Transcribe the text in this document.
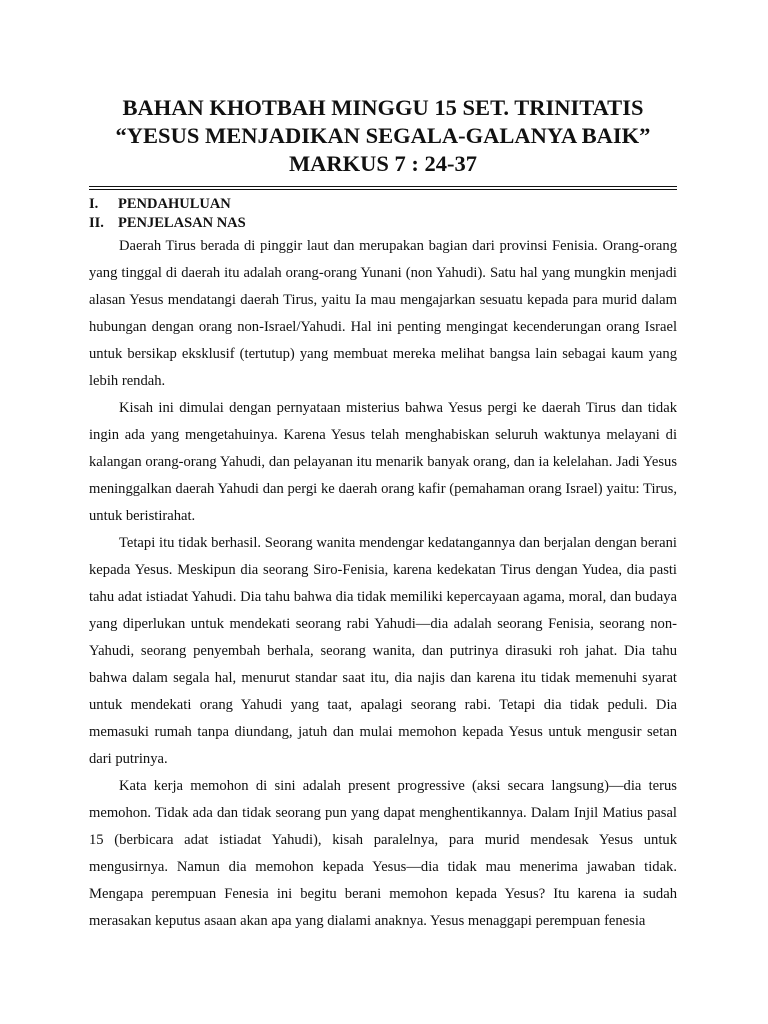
BAHAN KHOTBAH MINGGU 15 SET. TRINITATIS
“YESUS MENJADIKAN SEGALA-GALANYA BAIK”
MARKUS 7 : 24-37
I.	PENDAHULUAN
II. PENJELASAN NAS

Daerah Tirus berada di pinggir laut dan merupakan bagian dari provinsi Fenisia. Orang-orang yang tinggal di daerah itu adalah orang-orang Yunani (non Yahudi). Satu hal yang mungkin menjadi alasan Yesus mendatangi daerah Tirus, yaitu Ia mau mengajarkan sesuatu kepada para murid dalam hubungan dengan orang non-Israel/Yahudi. Hal ini penting mengingat kecenderungan orang Israel untuk bersikap eksklusif (tertutup) yang membuat mereka melihat bangsa lain sebagai kaum yang lebih rendah.

Kisah ini dimulai dengan pernyataan misterius bahwa Yesus pergi ke daerah Tirus dan tidak ingin ada yang mengetahuinya. Karena Yesus telah menghabiskan seluruh waktunya melayani di kalangan orang-orang Yahudi, dan pelayanan itu menarik banyak orang, dan ia kelelahan. Jadi Yesus meninggalkan daerah Yahudi dan pergi ke daerah orang kafir (pemahaman orang Israel) yaitu: Tirus, untuk beristirahat.

Tetapi itu tidak berhasil. Seorang wanita mendengar kedatangannya dan berjalan dengan berani kepada Yesus. Meskipun dia seorang Siro-Fenisia, karena kedekatan Tirus dengan Yudea, dia pasti tahu adat istiadat Yahudi. Dia tahu bahwa dia tidak memiliki kepercayaan agama, moral, dan budaya yang diperlukan untuk mendekati seorang rabi Yahudi—dia adalah seorang Fenisia, seorang non-Yahudi, seorang penyembah berhala, seorang wanita, dan putrinya dirasuki roh jahat. Dia tahu bahwa dalam segala hal, menurut standar saat itu, dia najis dan karena itu tidak memenuhi syarat untuk mendekati orang Yahudi yang taat, apalagi seorang rabi. Tetapi dia tidak peduli. Dia memasuki rumah tanpa diundang, jatuh dan mulai memohon kepada Yesus untuk mengusir setan dari putrinya.

Kata kerja memohon di sini adalah present progressive (aksi secara langsung)—dia terus memohon. Tidak ada dan tidak seorang pun yang dapat menghentikannya. Dalam Injil Matius pasal 15 (berbicara adat istiadat Yahudi), kisah paralelnya, para murid mendesak Yesus untuk mengusirnya. Namun dia memohon kepada Yesus—dia tidak mau menerima jawaban tidak. Mengapa perempuan Fenesia ini begitu berani memohon kepada Yesus? Itu karena ia sudah merasakan keputus asaan akan apa yang dialami anaknya. Yesus menaggapi perempuan fenesia
